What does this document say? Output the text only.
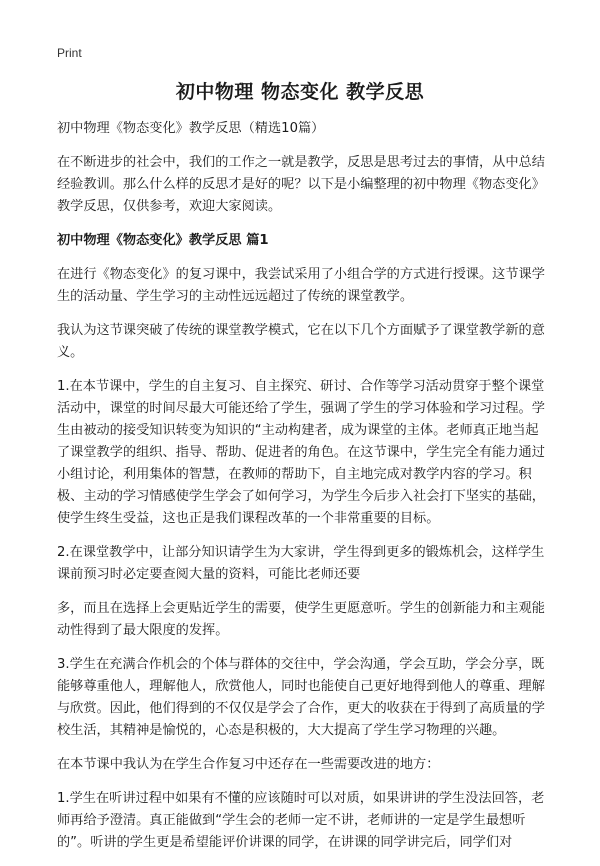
Print
初中物理 物态变化 教学反思

初中物理《物态变化》教学反思（精选10篇）

在不断进步的社会中，我们的工作之一就是教学，反思是思考过去的事情，从中总结经验教训。那么什么样的反思才是好的呢？以下是小编整理的初中物理《物态变化》教学反思，仅供参考，欢迎大家阅读。

初中物理《物态变化》教学反思 篇1

在进行《物态变化》的复习课中，我尝试采用了小组合学的方式进行授课。这节课学生的活动量、学生学习的主动性远远超过了传统的课堂教学。

我认为这节课突破了传统的课堂教学模式，它在以下几个方面赋予了课堂教学新的意义。

1.在本节课中，学生的自主复习、自主探究、研讨、合作等学习活动贯穿于整个课堂活动中，课堂的时间尽最大可能还给了学生，强调了学生的学习体验和学习过程。学生由被动的接受知识转变为知识的“主动构建者，成为课堂的主体。老师真正地当起了课堂教学的组织、指导、帮助、促进者的角色。在这节课中，学生完全有能力通过小组讨论，利用集体的智慧，在教师的帮助下，自主地完成对教学内容的学习。积极、主动的学习情感使学生学会了如何学习，为学生今后步入社会打下坚实的基础，使学生终生受益，这也正是我们课程改革的一个非常重要的目标。

2.在课堂教学中，让部分知识请学生为大家讲，学生得到更多的锻炼机会，这样学生课前预习时必定要查阅大量的资料，可能比老师还要

多，而且在选择上会更贴近学生的需要，使学生更愿意听。学生的创新能力和主观能动性得到了最大限度的发挥。

3.学生在充满合作机会的个体与群体的交往中，学会沟通，学会互助，学会分享，既能够尊重他人，理解他人，欣赏他人，同时也能使自己更好地得到他人的尊重、理解与欣赏。因此，他们得到的不仅仅是学会了合作，更大的收获在于得到了高质量的学校生活，其精神是愉悦的，心态是积极的，大大提高了学生学习物理的兴趣。

在本节课中我认为在学生合作复习中还存在一些需要改进的地方：

1.学生在听讲过程中如果有不懂的应该随时可以对质，如果讲讲的学生没法回答，老师再给予澄清。真正能做到“学生会的老师一定不讲，老师讲的一定是学生最想听的”。听讲的学生更是希望能评价讲课的同学，在讲课的同学讲完后，同学们对
